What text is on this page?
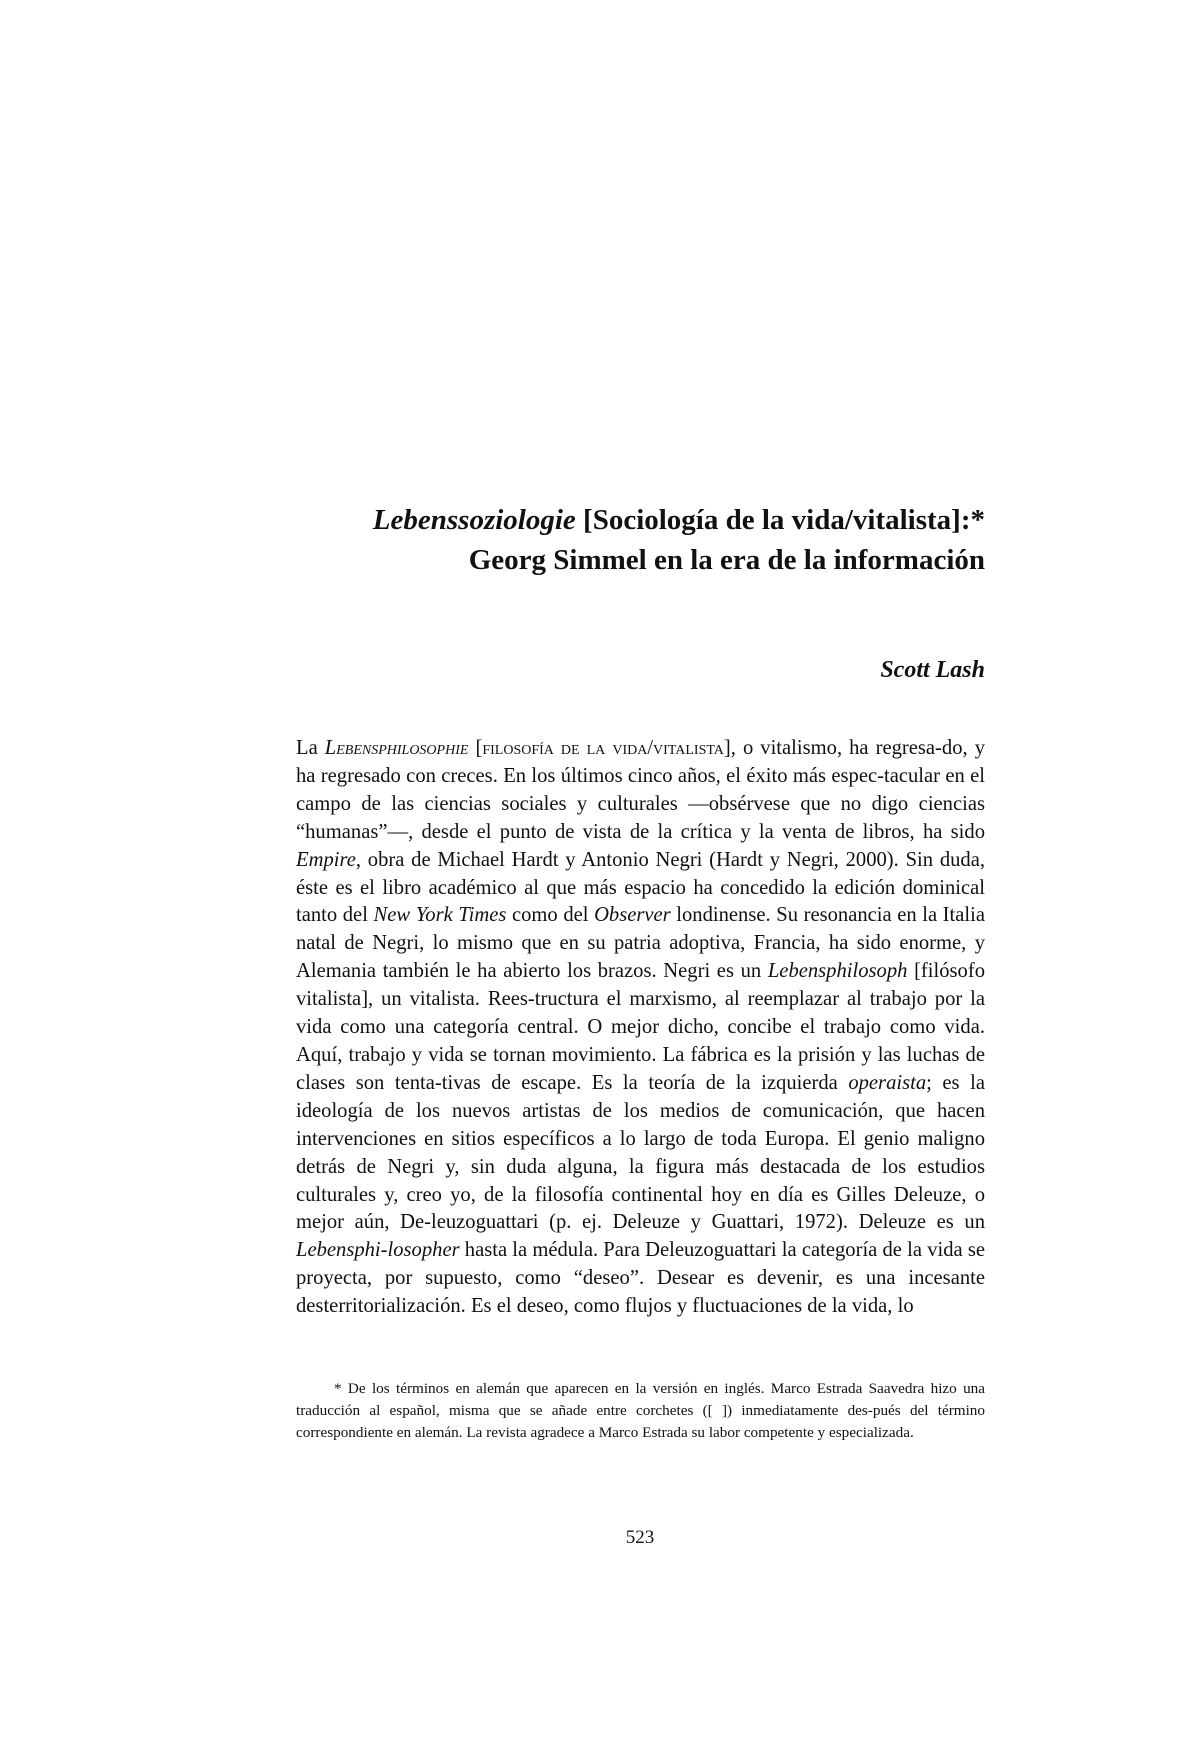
Lebenssoziologie [Sociología de la vida/vitalista]:*
Georg Simmel en la era de la información
Scott Lash

La Lebensphilosophie [filosofía de la vida/vitalista], o vitalismo, ha regresa-do, y ha regresado con creces. En los últimos cinco años, el éxito más espec-tacular en el campo de las ciencias sociales y culturales —obsérvese que no digo ciencias “humanas”—, desde el punto de vista de la crítica y la venta de libros, ha sido Empire, obra de Michael Hardt y Antonio Negri (Hardt y Negri, 2000). Sin duda, éste es el libro académico al que más espacio ha concedido la edición dominical tanto del New York Times como del Observer londinense. Su resonancia en la Italia natal de Negri, lo mismo que en su patria adoptiva, Francia, ha sido enorme, y Alemania también le ha abierto los brazos. Negri es un Lebensphilosoph [filósofo vitalista], un vitalista. Rees-tructura el marxismo, al reemplazar al trabajo por la vida como una categoría central. O mejor dicho, concibe el trabajo como vida. Aquí, trabajo y vida se tornan movimiento. La fábrica es la prisión y las luchas de clases son tenta-tivas de escape. Es la teoría de la izquierda operaista; es la ideología de los nuevos artistas de los medios de comunicación, que hacen intervenciones en sitios específicos a lo largo de toda Europa. El genio maligno detrás de Negri y, sin duda alguna, la figura más destacada de los estudios culturales y, creo yo, de la filosofía continental hoy en día es Gilles Deleuze, o mejor aún, De-leuzoguattari (p. ej. Deleuze y Guattari, 1972). Deleuze es un Lebensphi-losopher hasta la médula. Para Deleuzoguattari la categoría de la vida se proyecta, por supuesto, como “deseo”. Desear es devenir, es una incesante desterritorialización. Es el deseo, como flujos y fluctuaciones de la vida, lo

* De los términos en alemán que aparecen en la versión en inglés. Marco Estrada Saavedra hizo una traducción al español, misma que se añade entre corchetes ([ ]) inmediatamente des-pués del término correspondiente en alemán. La revista agradece a Marco Estrada su labor competente y especializada.

523
